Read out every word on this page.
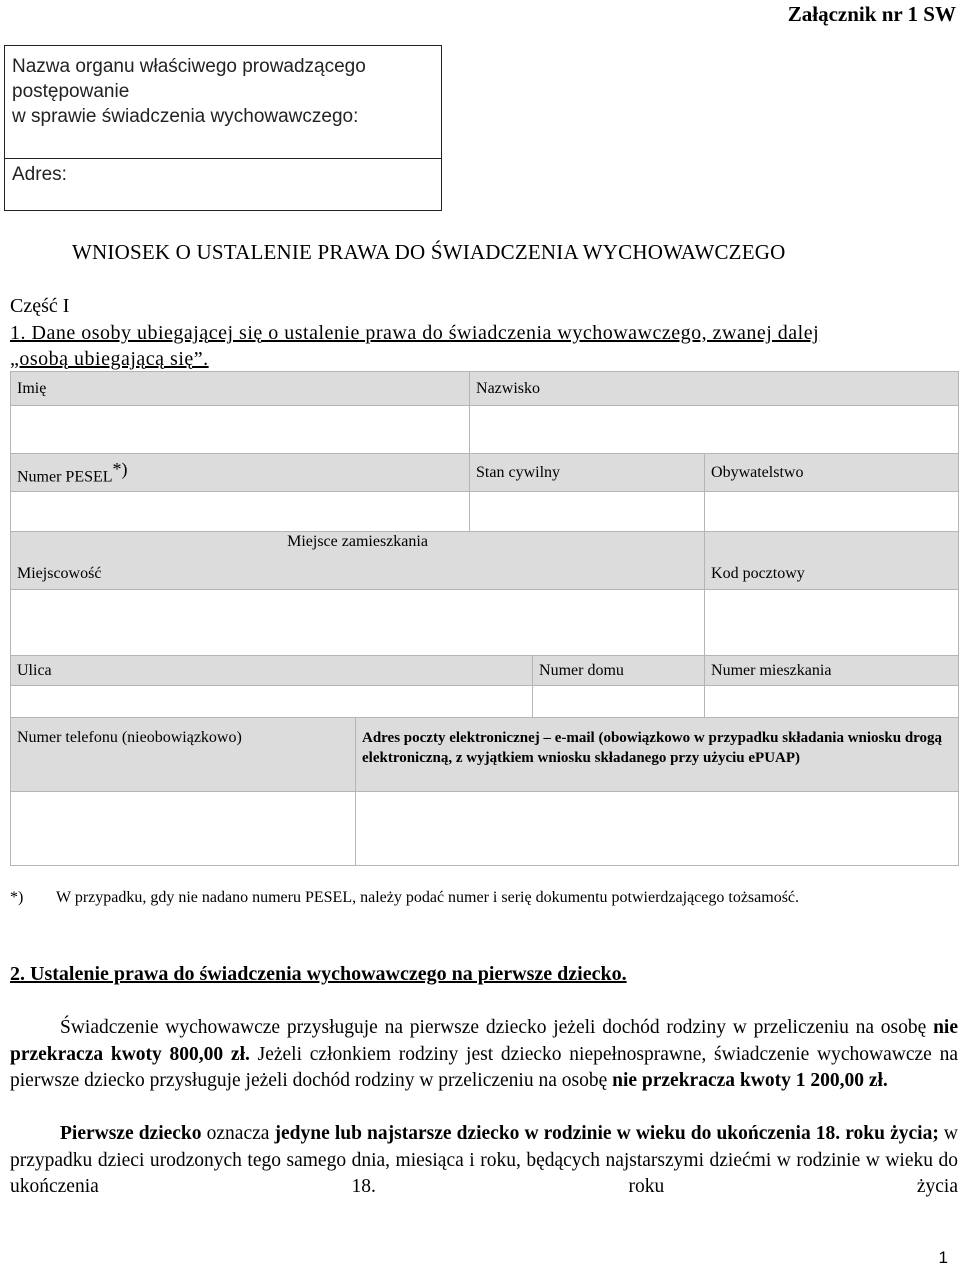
Załącznik nr 1 SW
Nazwa organu właściwego prowadzącego
postępowanie
w sprawie świadczenia wychowawczego:
Adres:
WNIOSEK O USTALENIE PRAWA DO ŚWIADCZENIA WYCHOWAWCZEGO
Część I
1. Dane osoby ubiegającej się o ustalenie prawa do świadczenia wychowawczego, zwanej dalej
„osobą ubiegającą się”.
Imię		Nazwisko		

Numer PESEL*)		Stan cywilny		Obywatelstwo

Miejsce zamieszkania
Miejscowość				Kod pocztowy

Ulica			Numer domu	Numer mieszkania

Numer telefonu (nieobowiązkowo)	Adres poczty elektronicznej – e-mail (obowiązkowo w przypadku składania wniosku drogą elektroniczną, z wyjątkiem wniosku składanego przy użyciu ePUAP)			

*) W przypadku, gdy nie nadano numeru PESEL, należy podać numer i serię dokumentu potwierdzającego tożsamość.
2. Ustalenie prawa do świadczenia wychowawczego na pierwsze dziecko.
Świadczenie wychowawcze przysługuje na pierwsze dziecko jeżeli dochód rodziny w przeliczeniu na osobę nie przekracza kwoty 800,00 zł. Jeżeli członkiem rodziny jest dziecko niepełnosprawne, świadczenie wychowawcze na pierwsze dziecko przysługuje jeżeli dochód rodziny w przeliczeniu na osobę nie przekracza kwoty 1 200,00 zł.
Pierwsze dziecko oznacza jedyne lub najstarsze dziecko w rodzinie w wieku do ukończenia 18. roku życia; w przypadku dzieci urodzonych tego samego dnia, miesiąca i roku, będących najstarszymi dziećmi w rodzinie w wieku do ukończenia 18. roku życia
1
